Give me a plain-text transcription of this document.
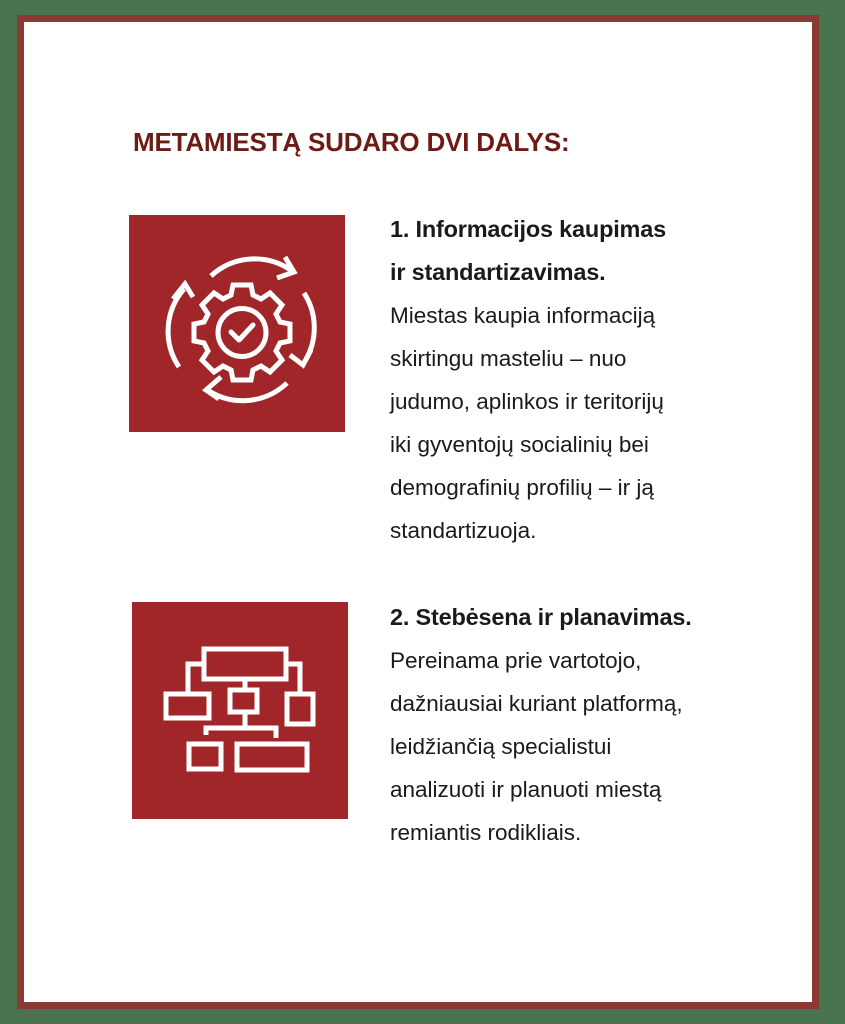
METAMIESTĄ SUDARO DVI DALYS:
1. Informacijos kaupimas
ir standartizavimas.
Miestas kaupia informaciją
skirtingu masteliu – nuo
judumo, aplinkos ir teritorijų
iki gyventojų socialinių bei
demografinių profilių – ir ją
standartizuoja.
2. Stebėsena ir planavimas.
Pereinama prie vartotojo,
dažniausiai kuriant platformą,
leidžiančią specialistui
analizuoti ir planuoti miestą
remiantis rodikliais.
